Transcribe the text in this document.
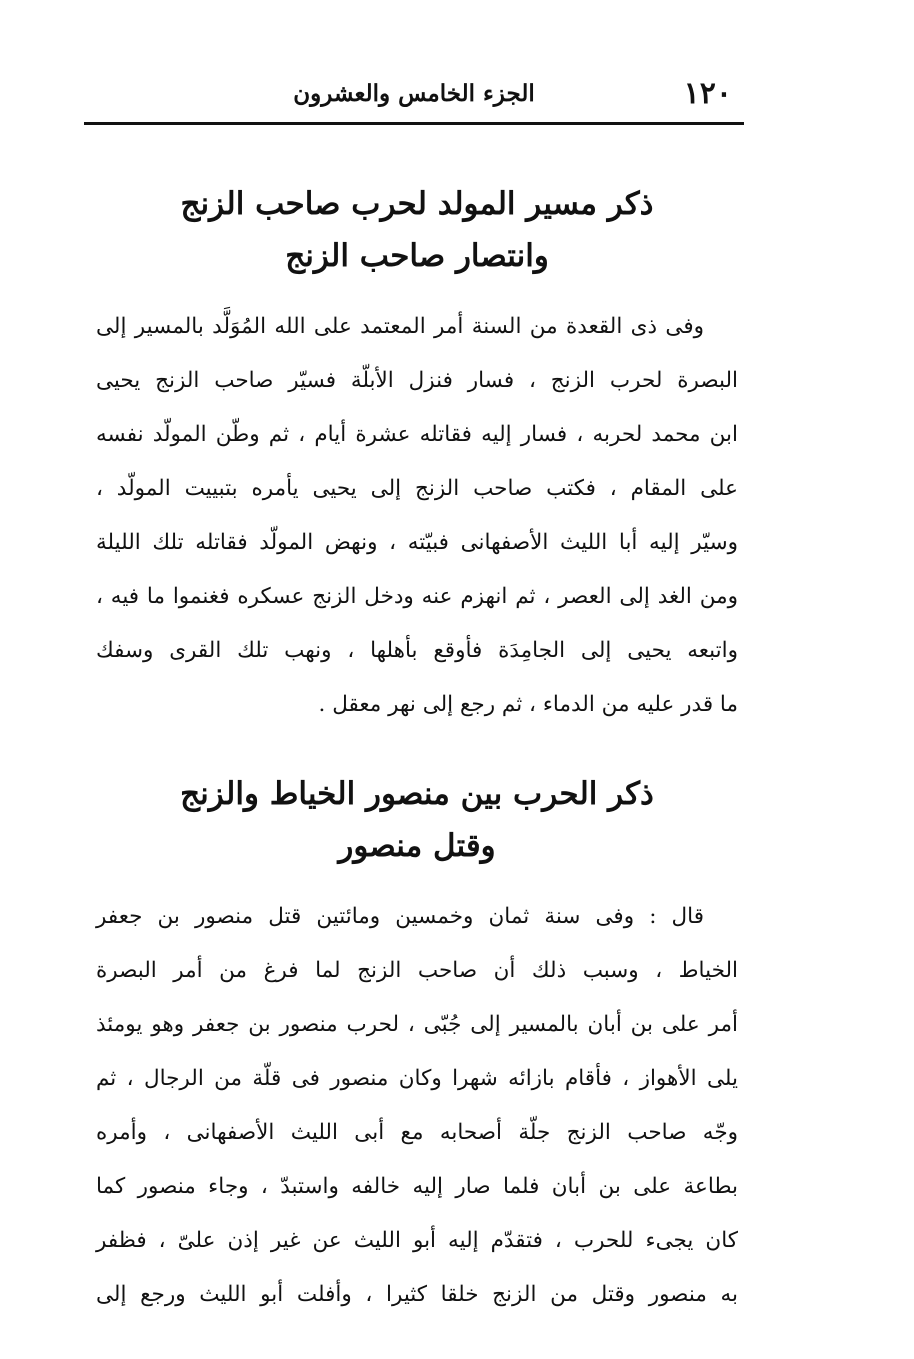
١٢٠
الجزء الخامس والعشرون
ذكر مسير المولد لحرب صاحب الزنج
وانتصار صاحب الزنج
وفى ذى القعدة من السنة أمر المعتمد على الله المُوَلَّد بالمسير إلى
البصرة لحرب الزنج ، فسار فنزل الأبلّة فسيّر صاحب الزنج يحيى
ابن محمد لحربه ، فسار إليه فقاتله عشرة أيام ، ثم وطّن المولّد نفسه
على المقام ، فكتب صاحب الزنج إلى يحيى يأمره بتبييت المولّد ،
وسيّر إليه أبا الليث الأصفهانى فبيّته ، ونهض المولّد فقاتله تلك الليلة
ومن الغد إلى العصر ، ثم انهزم عنه ودخل الزنج عسكره فغنموا ما فيه ،
واتبعه يحيى إلى الجامِدَة فأوقع بأهلها ، ونهب تلك القرى وسفك
ما قدر عليه من الدماء ، ثم رجع إلى نهر معقل .
ذكر الحرب بين منصور الخياط والزنج
وقتل منصور
قال : وفى سنة ثمان وخمسين ومائتين قتل منصور بن جعفر
الخياط ، وسبب ذلك أن صاحب الزنج لما فرغ من أمر البصرة
أمر على بن أبان بالمسير إلى جُبّى ، لحرب منصور بن جعفر وهو يومئذ
يلى الأهواز ، فأقام بازائه شهرا وكان منصور فى قلّة من الرجال ، ثم
وجّه صاحب الزنج جلّة أصحابه مع أبى الليث الأصفهانى ، وأمره
بطاعة على بن أبان فلما صار إليه خالفه واستبدّ ، وجاء منصور كما
كان يجىء للحرب ، فتقدّم إليه أبو الليث عن غير إذن علىّ ، فظفر
به منصور وقتل من الزنج خلقا كثيرا ، وأفلت أبو الليث ورجع إلى
